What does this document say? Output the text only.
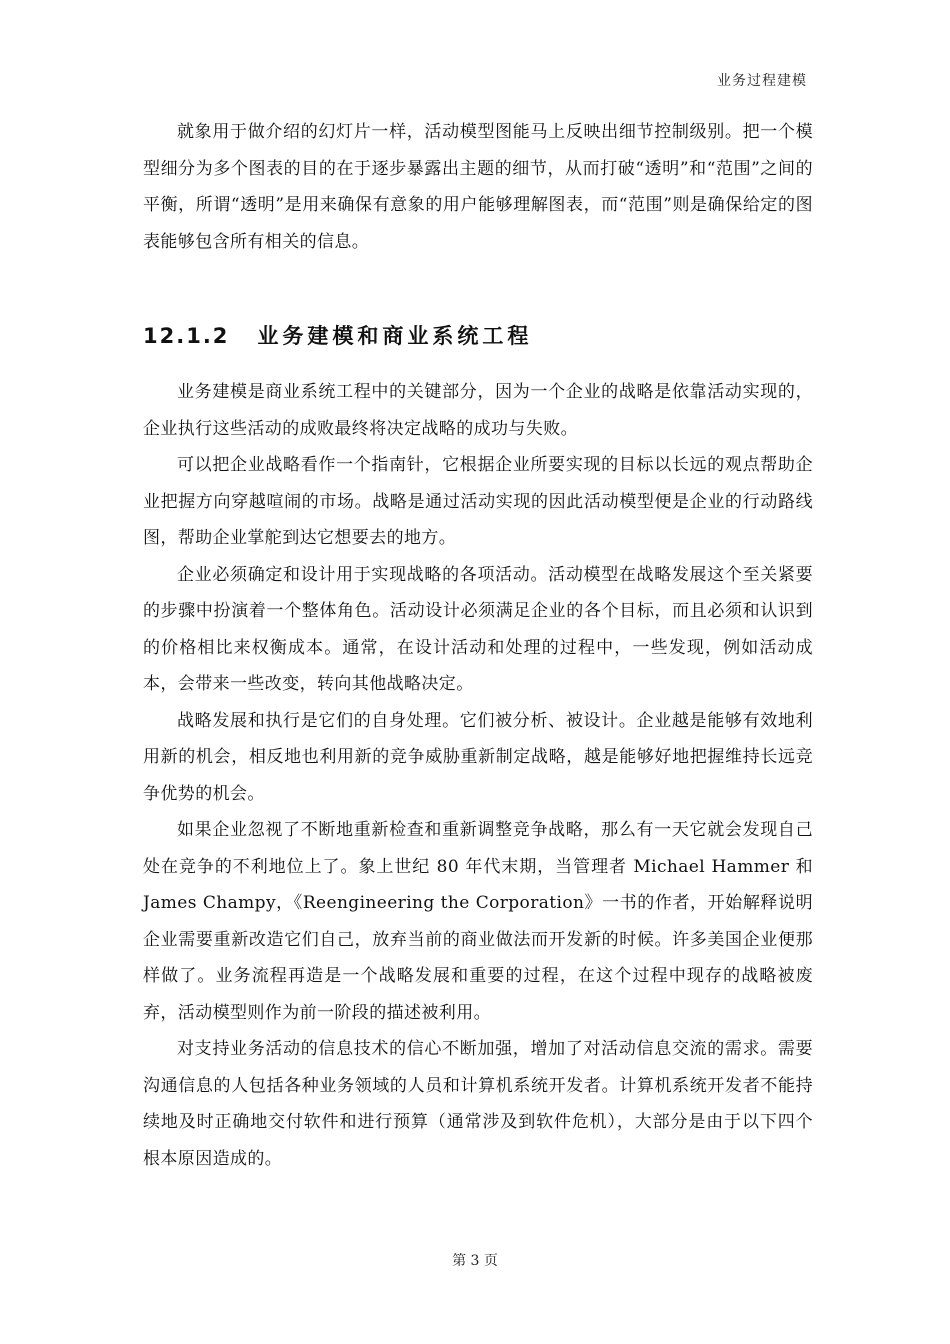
业务过程建模

就象用于做介绍的幻灯片一样，活动模型图能马上反映出细节控制级别。把一个模型细分为多个图表的目的在于逐步暴露出主题的细节，从而打破“透明”和“范围”之间的平衡，所谓“透明”是用来确保有意象的用户能够理解图表，而“范围”则是确保给定的图表能够包含所有相关的信息。

12.1.2 业务建模和商业系统工程

业务建模是商业系统工程中的关键部分，因为一个企业的战略是依靠活动实现的，企业执行这些活动的成败最终将决定战略的成功与失败。

可以把企业战略看作一个指南针，它根据企业所要实现的目标以长远的观点帮助企业把握方向穿越喧闹的市场。战略是通过活动实现的因此活动模型便是企业的行动路线图，帮助企业掌舵到达它想要去的地方。

企业必须确定和设计用于实现战略的各项活动。活动模型在战略发展这个至关紧要的步骤中扮演着一个整体角色。活动设计必须满足企业的各个目标，而且必须和认识到的价格相比来权衡成本。通常，在设计活动和处理的过程中，一些发现，例如活动成本，会带来一些改变，转向其他战略决定。

战略发展和执行是它们的自身处理。它们被分析、被设计。企业越是能够有效地利用新的机会，相反地也利用新的竞争威胁重新制定战略，越是能够好地把握维持长远竞争优势的机会。

如果企业忽视了不断地重新检查和重新调整竞争战略，那么有一天它就会发现自己处在竞争的不利地位上了。象上世纪 80 年代末期，当管理者 Michael Hammer 和 James Champy，《Reengineering the Corporation》一书的作者，开始解释说明企业需要重新改造它们自己，放弃当前的商业做法而开发新的时候。许多美国企业便那样做了。业务流程再造是一个战略发展和重要的过程，在这个过程中现存的战略被废弃，活动模型则作为前一阶段的描述被利用。

对支持业务活动的信息技术的信心不断加强，增加了对活动信息交流的需求。需要沟通信息的人包括各种业务领域的人员和计算机系统开发者。计算机系统开发者不能持续地及时正确地交付软件和进行预算（通常涉及到软件危机），大部分是由于以下四个根本原因造成的。

第 3 页
